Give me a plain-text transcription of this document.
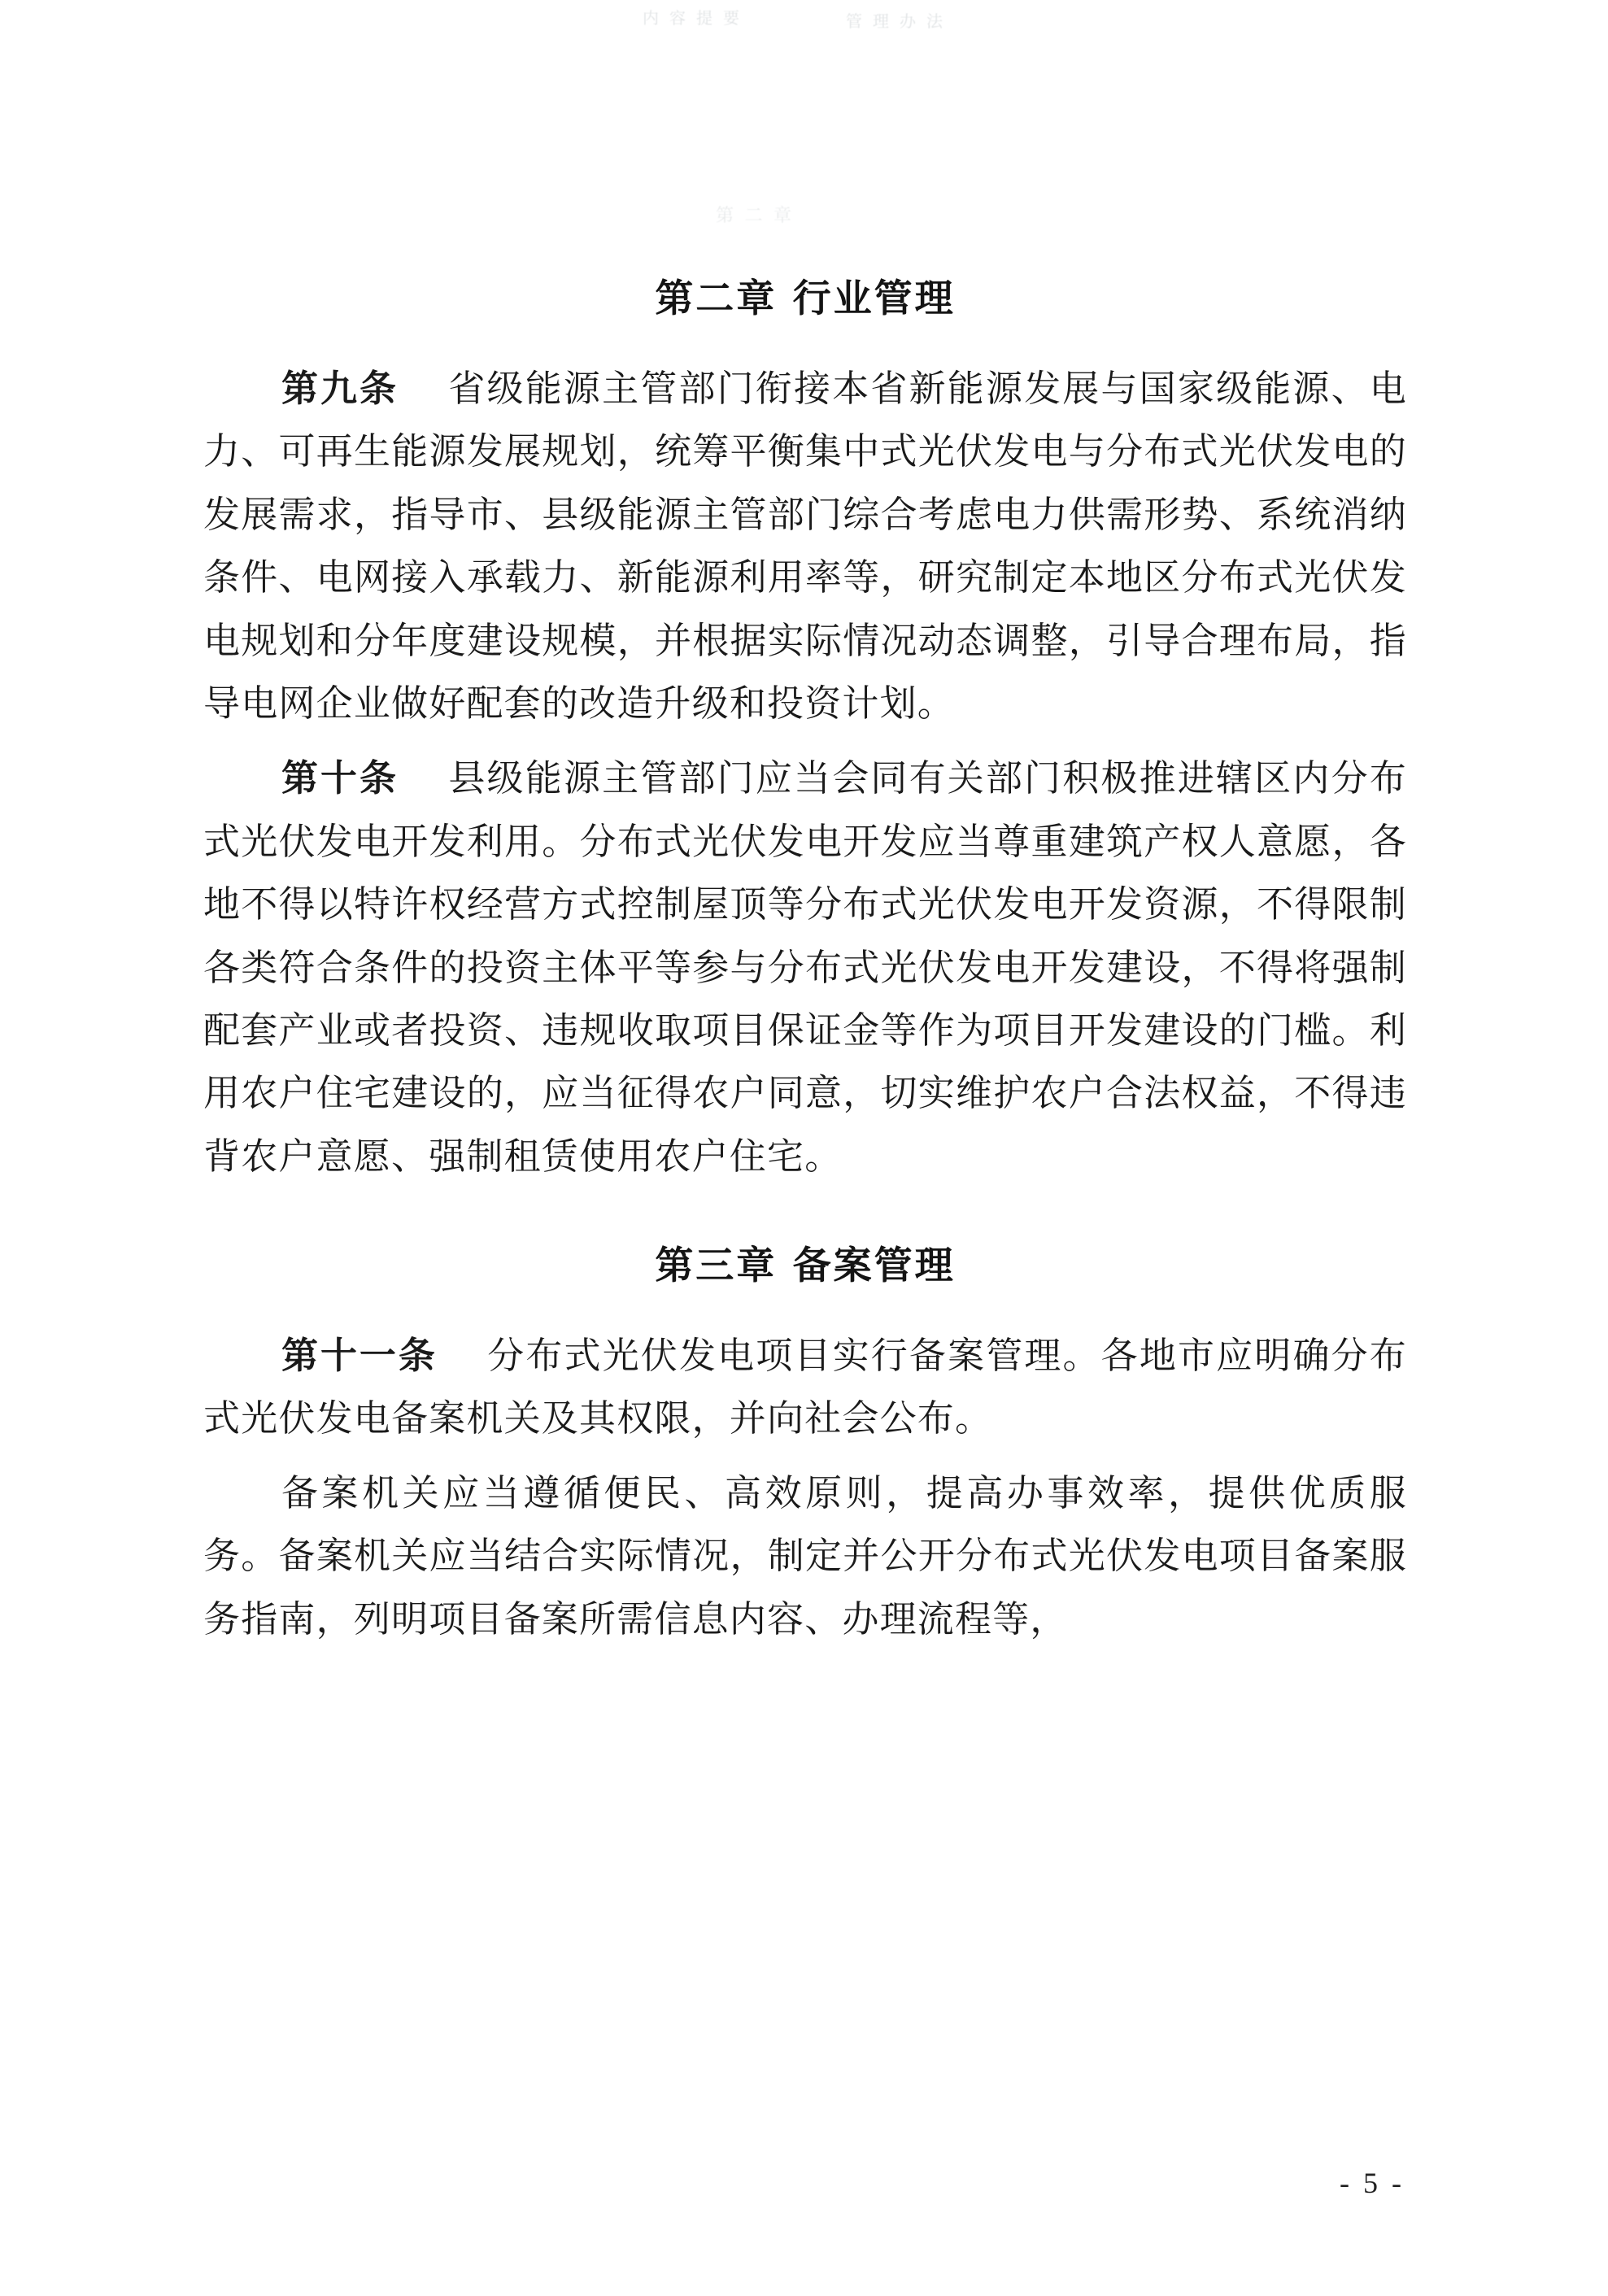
内 容 提 要	管 理 办 法
第 二 章
第二章 行业管理

第九条　 省级能源主管部门衔接本省新能源发展与国家级能源、电力、可再生能源发展规划，统筹平衡集中式光伏发电与分布式光伏发电的发展需求，指导市、县级能源主管部门综合考虑电力供需形势、系统消纳条件、电网接入承载力、新能源利用率等，研究制定本地区分布式光伏发电规划和分年度建设规模，并根据实际情况动态调整，引导合理布局，指导电网企业做好配套的改造升级和投资计划。

第十条　 县级能源主管部门应当会同有关部门积极推进辖区内分布式光伏发电开发利用。分布式光伏发电开发应当尊重建筑产权人意愿，各地不得以特许权经营方式控制屋顶等分布式光伏发电开发资源，不得限制各类符合条件的投资主体平等参与分布式光伏发电开发建设，不得将强制配套产业或者投资、违规收取项目保证金等作为项目开发建设的门槛。利用农户住宅建设的，应当征得农户同意，切实维护农户合法权益，不得违背农户意愿、强制租赁使用农户住宅。

第三章 备案管理

第十一条　 分布式光伏发电项目实行备案管理。各地市应明确分布式光伏发电备案机关及其权限，并向社会公布。

备案机关应当遵循便民、高效原则，提高办事效率，提供优质服务。备案机关应当结合实际情况，制定并公开分布式光伏发电项目备案服务指南，列明项目备案所需信息内容、办理流程等，

- 5 -
